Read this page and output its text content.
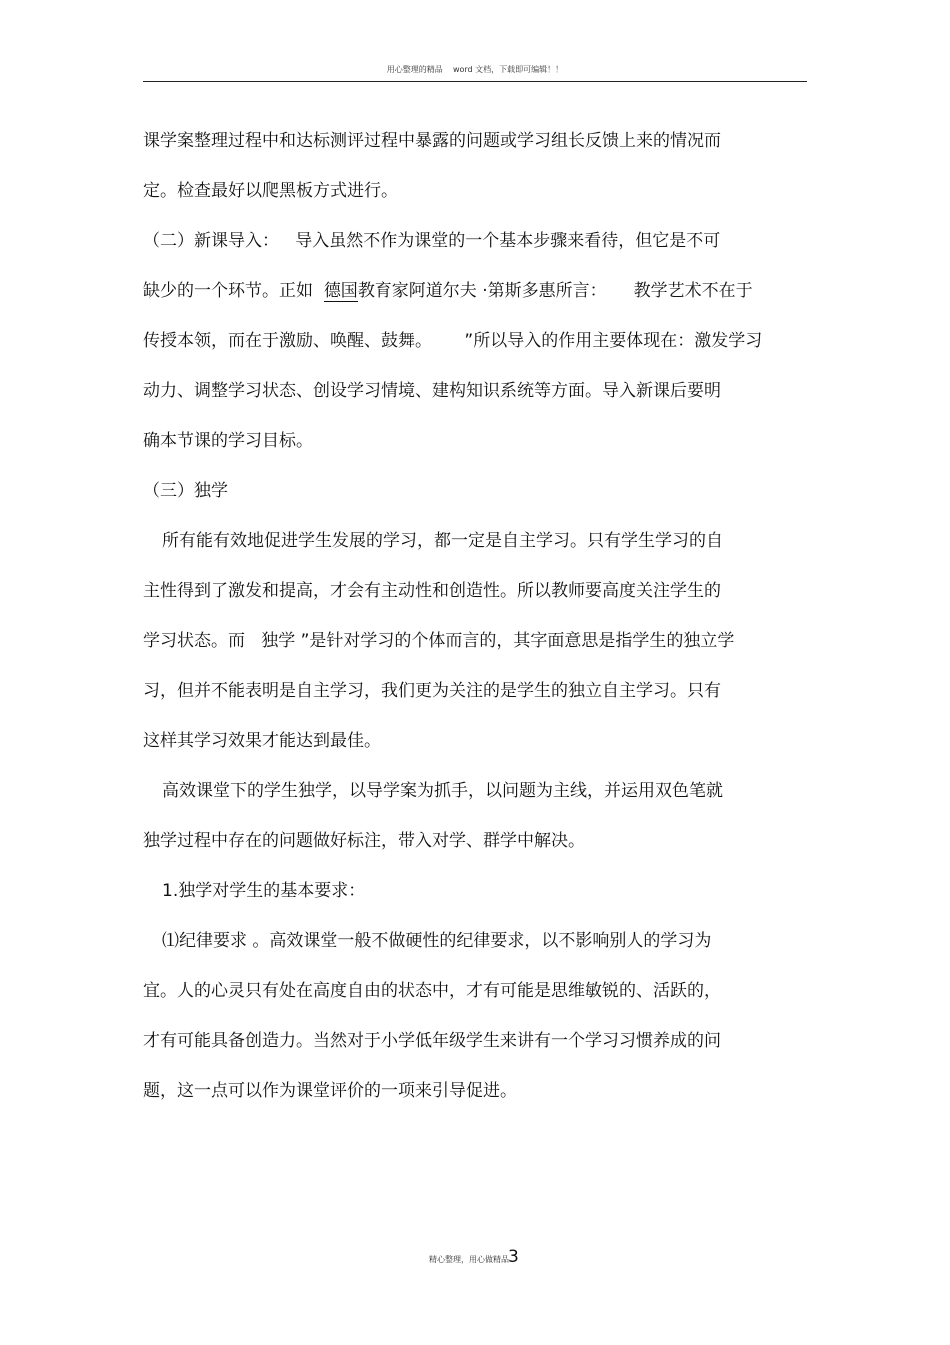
用心整理的精品    word 文档，下载即可编辑！！
课学案整理过程中和达标测评过程中暴露的问题或学习组长反馈上来的情况而
定。检查最好以爬黑板方式进行。
（二）新课导入：   导入虽然不作为课堂的一个基本步骤来看待，但它是不可
缺少的一个环节。正如 德国教育家阿道尔夫 ·第斯多惠所言：     教学艺术不在于
传授本领，而在于激励、唤醒、鼓舞。      ”所以导入的作用主要体现在：激发学习
动力、调整学习状态、创设学习情境、建构知识系统等方面。导入新课后要明
确本节课的学习目标。
（三）独学
所有能有效地促进学生发展的学习，都一定是自主学习。只有学生学习的自
主性得到了激发和提高，才会有主动性和创造性。所以教师要高度关注学生的
学习状态。而   独学 ”是针对学习的个体而言的，其字面意思是指学生的独立学
习，但并不能表明是自主学习，我们更为关注的是学生的独立自主学习。只有
这样其学习效果才能达到最佳。
高效课堂下的学生独学，以导学案为抓手，以问题为主线，并运用双色笔就
独学过程中存在的问题做好标注，带入对学、群学中解决。
1.独学对学生的基本要求：
⑴纪律要求 。高效课堂一般不做硬性的纪律要求，以不影响别人的学习为
宜。人的心灵只有处在高度自由的状态中，才有可能是思维敏锐的、活跃的，
才有可能具备创造力。当然对于小学低年级学生来讲有一个学习习惯养成的问
题，这一点可以作为课堂评价的一项来引导促进。
精心整理，用心做精品 3
